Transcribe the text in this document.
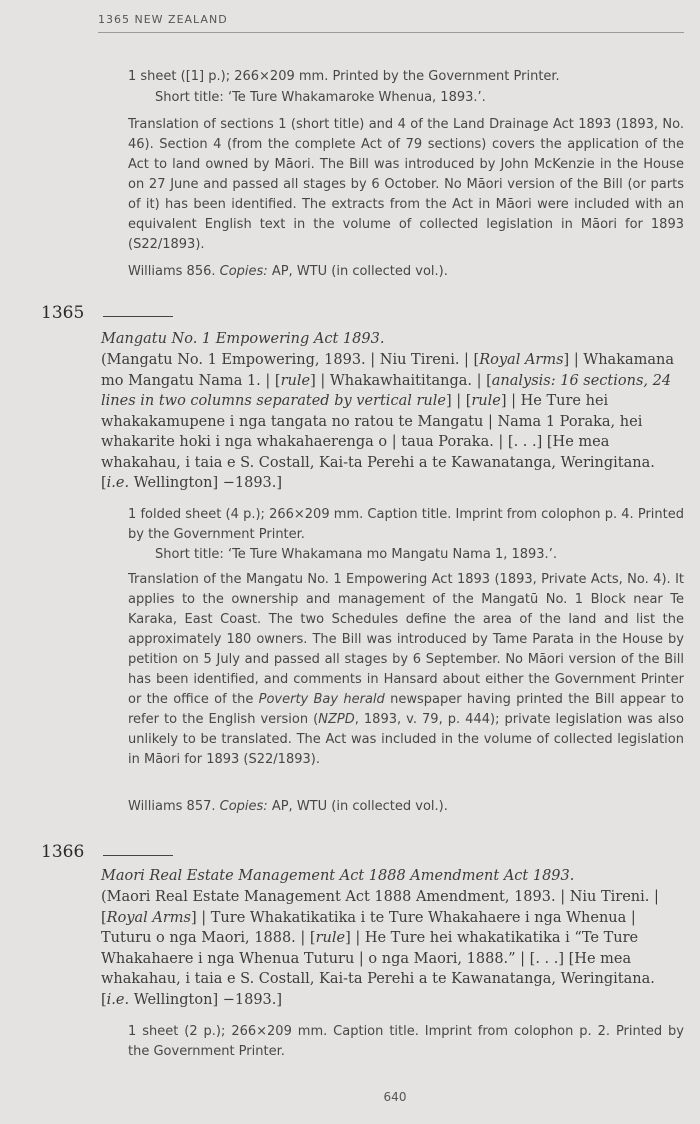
1365 NEW ZEALAND

1 sheet ([1] p.); 266×209 mm. Printed by the Government Printer.

Short title: ‘Te Ture Whakamaroke Whenua, 1893.’.

Translation of sections 1 (short title) and 4 of the Land Drainage Act 1893 (1893, No. 46). Section 4 (from the complete Act of 79 sections) covers the application of the Act to land owned by Māori. The Bill was introduced by John McKenzie in the House on 27 June and passed all stages by 6 October. No Māori version of the Bill (or parts of it) has been identified. The extracts from the Act in Māori were included with an equivalent English text in the volume of collected legislation in Māori for 1893 (S22/1893).

Williams 856. Copies: AP, WTU (in collected vol.).

1365

Mangatu No. 1 Empowering Act 1893.

(Mangatu No. 1 Empowering, 1893. | Niu Tireni. | [Royal Arms] | Whakamana mo Mangatu Nama 1. | [rule] | Whakawhaititanga. | [analysis: 16 sections, 24 lines in two columns separated by vertical rule] | [rule] | He Ture hei whakakamupene i nga tangata no ratou te Mangatu | Nama 1 Poraka, hei whakarite hoki i nga whakahaerenga o | taua Poraka. | [. . .] [He mea whakahau, i taia e S. Costall, Kai-ta Perehi a te Kawanatanga, Weringitana. [i.e. Wellington] −1893.]

1 folded sheet (4 p.); 266×209 mm. Caption title. Imprint from colophon p. 4. Printed by the Government Printer.

Short title: ‘Te Ture Whakamana mo Mangatu Nama 1, 1893.’.

Translation of the Mangatu No. 1 Empowering Act 1893 (1893, Private Acts, No. 4). It applies to the ownership and management of the Mangatū No. 1 Block near Te Karaka, East Coast. The two Schedules define the area of the land and list the approximately 180 owners. The Bill was introduced by Tame Parata in the House by petition on 5 July and passed all stages by 6 September. No Māori version of the Bill has been identified, and comments in Hansard about either the Government Printer or the office of the Poverty Bay herald newspaper having printed the Bill appear to refer to the English version (NZPD, 1893, v. 79, p. 444); private legislation was also unlikely to be translated. The Act was included in the volume of collected legislation in Māori for 1893 (S22/1893).

Williams 857. Copies: AP, WTU (in collected vol.).

1366

Maori Real Estate Management Act 1888 Amendment Act 1893.

(Maori Real Estate Management Act 1888 Amendment, 1893. | Niu Tireni. | [Royal Arms] | Ture Whakatikatika i te Ture Whakahaere i nga Whenua | Tuturu o nga Maori, 1888. | [rule] | He Ture hei whakatikatika i “Te Ture Whakahaere i nga Whenua Tuturu | o nga Maori, 1888.” | [. . .] [He mea whakahau, i taia e S. Costall, Kai-ta Perehi a te Kawanatanga, Weringitana. [i.e. Wellington] −1893.]

1 sheet (2 p.); 266×209 mm. Caption title. Imprint from colophon p. 2. Printed by the Government Printer.

640
